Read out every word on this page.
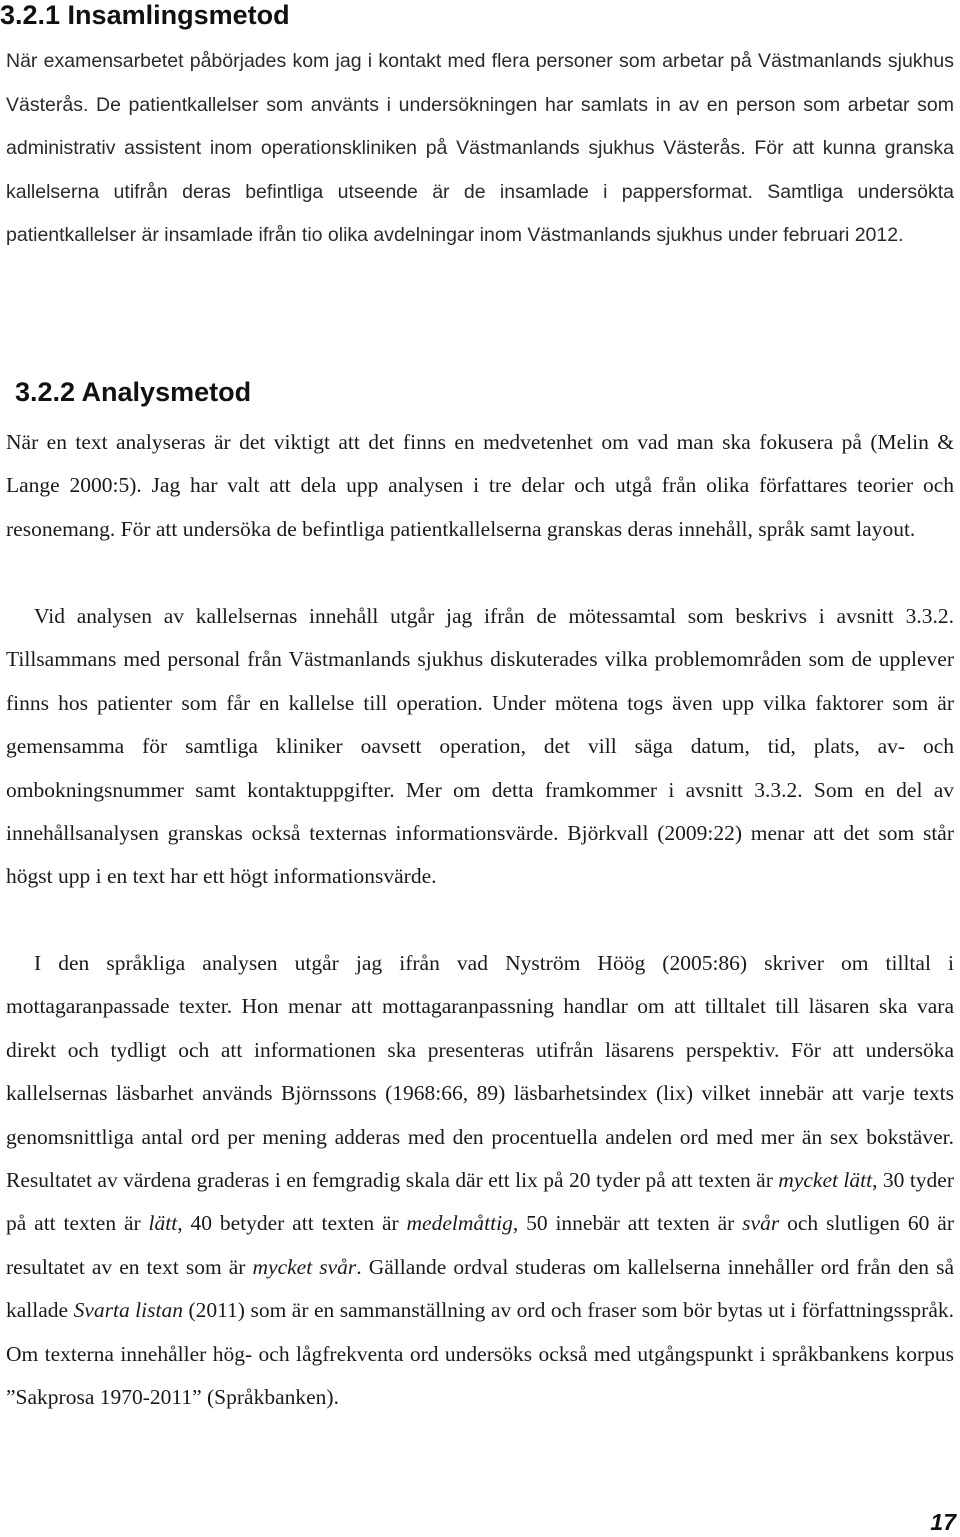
3.2.1 Insamlingsmetod

När examensarbetet påbörjades kom jag i kontakt med flera personer som arbetar på Västmanlands sjukhus Västerås. De patientkallelser som använts i undersökningen har samlats in av en person som arbetar som administrativ assistent inom operationskliniken på Västmanlands sjukhus Västerås. För att kunna granska kallelserna utifrån deras befintliga utseende är de insamlade i pappersformat. Samtliga undersökta patientkallelser är insamlade ifrån tio olika avdelningar inom Västmanlands sjukhus under februari 2012.

3.2.2 Analysmetod

När en text analyseras är det viktigt att det finns en medvetenhet om vad man ska fokusera på (Melin & Lange 2000:5). Jag har valt att dela upp analysen i tre delar och utgå från olika författares teorier och resonemang. För att undersöka de befintliga patientkallelserna granskas deras innehåll, språk samt layout.

Vid analysen av kallelsernas innehåll utgår jag ifrån de mötessamtal som beskrivs i avsnitt 3.3.2. Tillsammans med personal från Västmanlands sjukhus diskuterades vilka problemområden som de upplever finns hos patienter som får en kallelse till operation. Under mötena togs även upp vilka faktorer som är gemensamma för samtliga kliniker oavsett operation, det vill säga datum, tid, plats, av- och ombokningsnummer samt kontaktuppgifter. Mer om detta framkommer i avsnitt 3.3.2. Som en del av innehållsanalysen granskas också texternas informationsvärde. Björkvall (2009:22) menar att det som står högst upp i en text har ett högt informationsvärde.

I den språkliga analysen utgår jag ifrån vad Nyström Höög (2005:86) skriver om tilltal i mottagaranpassade texter. Hon menar att mottagaranpassning handlar om att tilltalet till läsaren ska vara direkt och tydligt och att informationen ska presenteras utifrån läsarens perspektiv. För att undersöka kallelsernas läsbarhet används Björnssons (1968:66, 89) läsbarhetsindex (lix) vilket innebär att varje texts genomsnittliga antal ord per mening adderas med den procentuella andelen ord med mer än sex bokstäver. Resultatet av värdena graderas i en femgradig skala där ett lix på 20 tyder på att texten är mycket lätt, 30 tyder på att texten är lätt, 40 betyder att texten är medelmåttig, 50 innebär att texten är svår och slutligen 60 är resultatet av en text som är mycket svår. Gällande ordval studeras om kallelserna innehåller ord från den så kallade Svarta listan (2011) som är en sammanställning av ord och fraser som bör bytas ut i författningsspråk. Om texterna innehåller hög- och lågfrekventa ord undersöks också med utgångspunkt i språkbankens korpus ”Sakprosa 1970-2011” (Språkbanken).

17
